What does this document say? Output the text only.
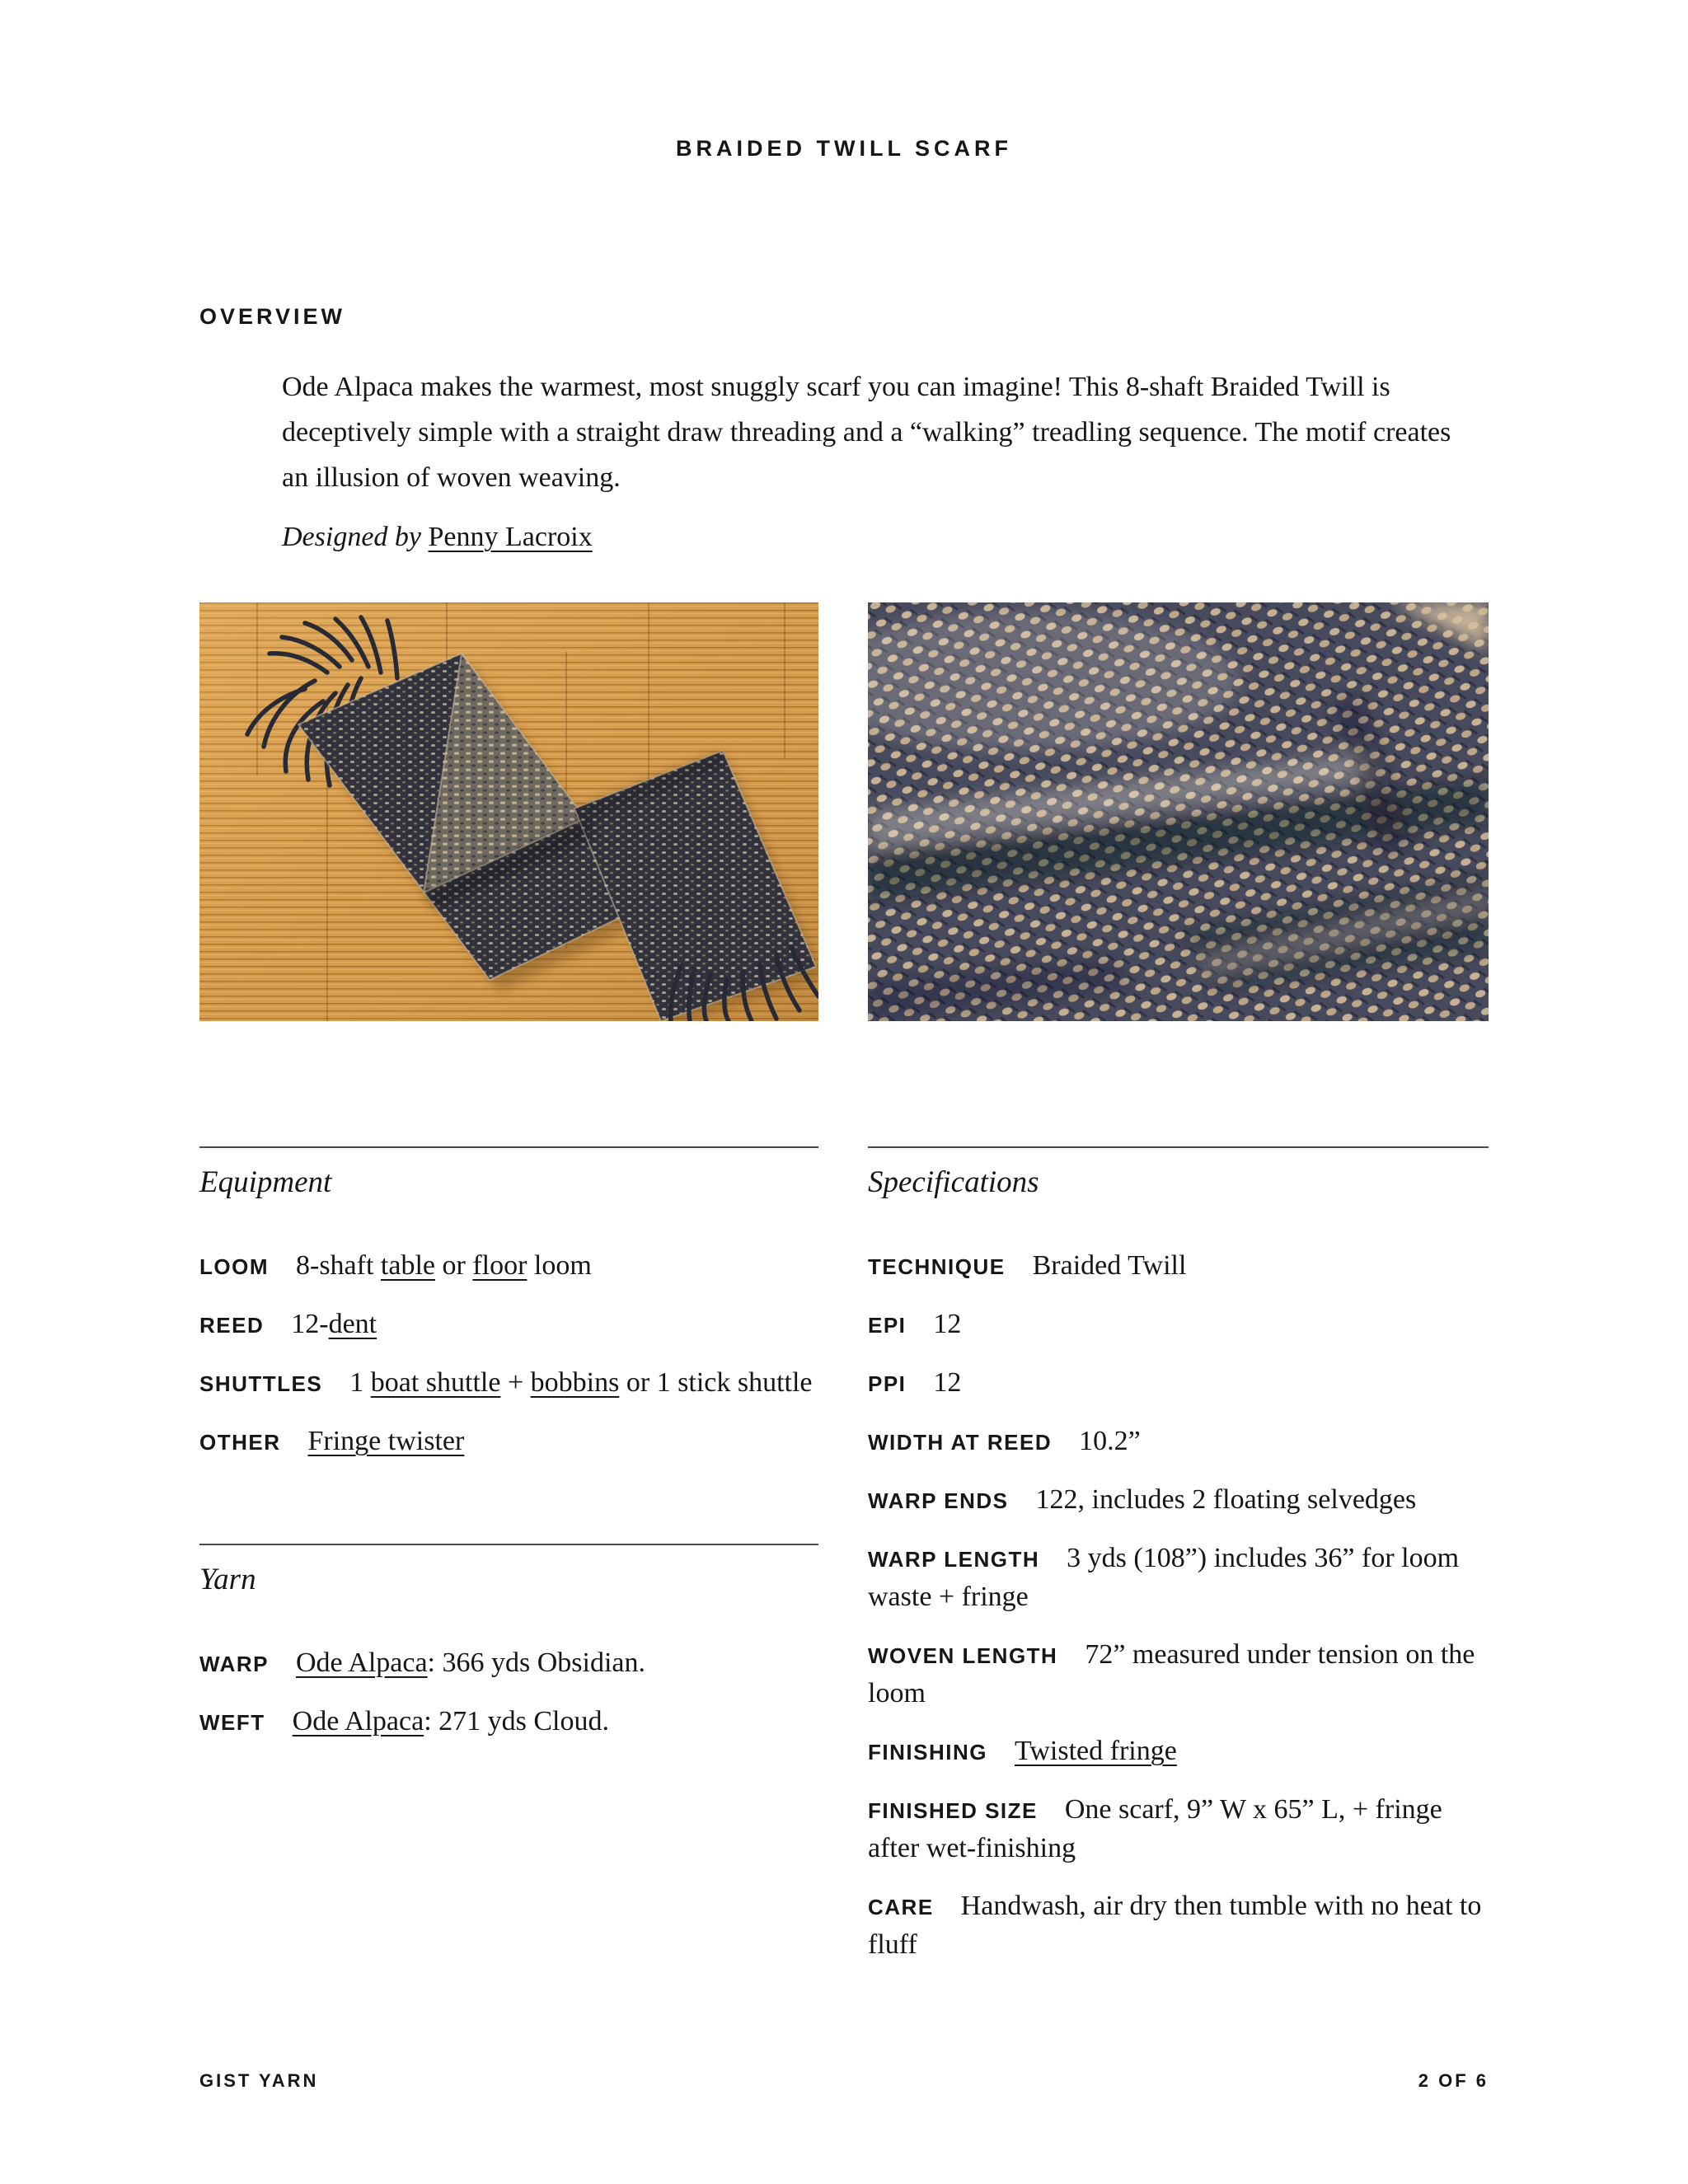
BRAIDED TWILL SCARF
OVERVIEW

Ode Alpaca makes the warmest, most snuggly scarf you can imagine! This 8-shaft Braided Twill is deceptively simple with a straight draw threading and a “walking” treadling sequence. The motif creates an illusion of woven weaving.

Designed by Penny Lacroix

Equipment

LOOM 8-shaft table or floor loom

REED 12-dent

SHUTTLES 1 boat shuttle + bobbins or 1 stick shuttle

OTHER Fringe twister

Yarn

WARP Ode Alpaca: 366 yds Obsidian.

WEFT Ode Alpaca: 271 yds Cloud.

Specifications

TECHNIQUE Braided Twill

EPI 12

PPI 12

WIDTH AT REED 10.2”

WARP ENDS 122, includes 2 floating selvedges

WARP LENGTH 3 yds (108”) includes 36” for loom waste + fringe

WOVEN LENGTH 72” measured under tension on the loom

FINISHING Twisted fringe

FINISHED SIZE One scarf, 9” W x 65” L, + fringe after wet-finishing

CARE Handwash, air dry then tumble with no heat to fluff

GIST YARN	2 OF 6
